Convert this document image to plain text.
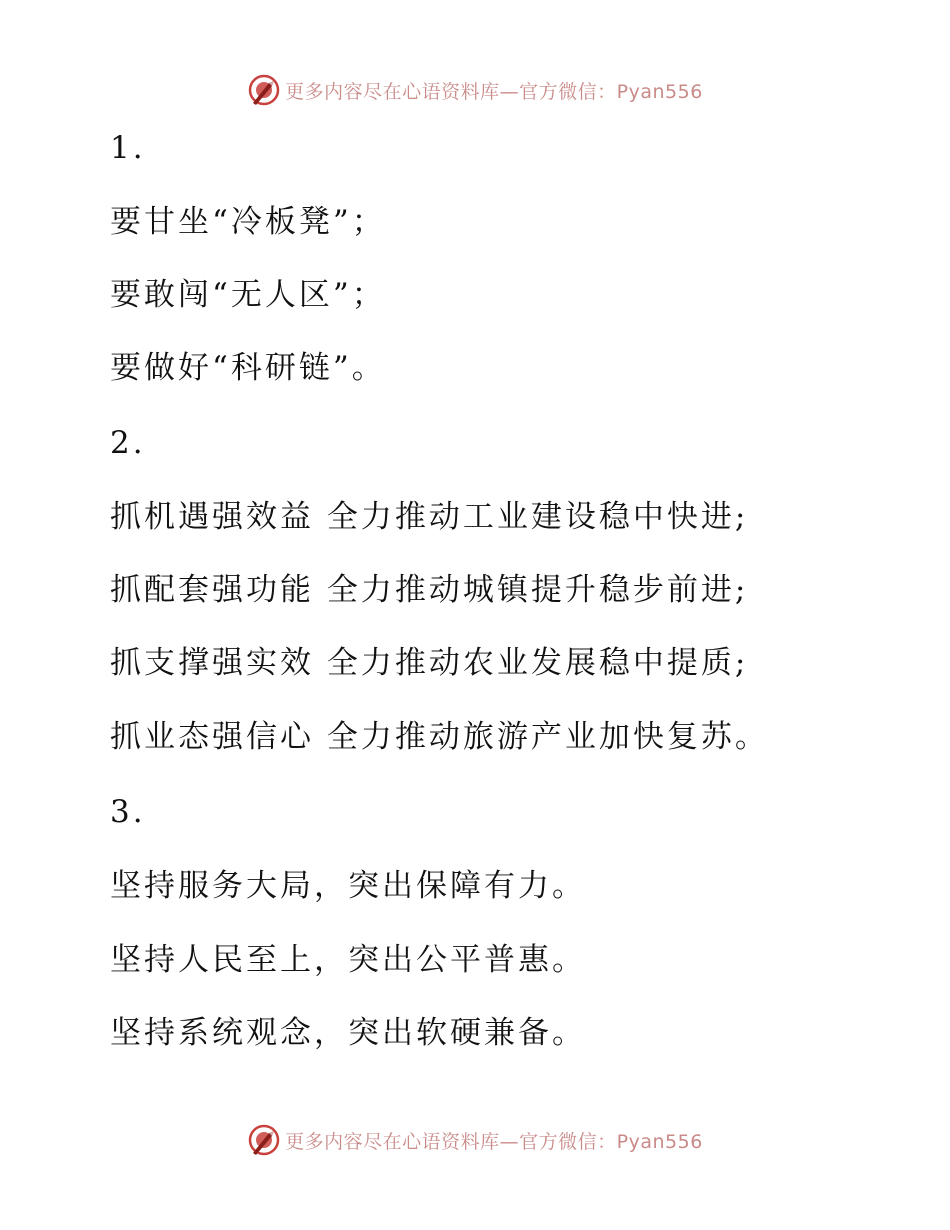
更多内容尽在心语资料库—官方微信：Pyan556
1.
要甘坐“冷板凳”；
要敢闯“无人区”；
要做好“科研链”。
2.
抓机遇强效益 全力推动工业建设稳中快进;
抓配套强功能 全力推动城镇提升稳步前进;
抓支撑强实效 全力推动农业发展稳中提质;
抓业态强信心 全力推动旅游产业加快复苏。
3.
坚持服务大局，突出保障有力。
坚持人民至上，突出公平普惠。
坚持系统观念，突出软硬兼备。
更多内容尽在心语资料库—官方微信：Pyan556
